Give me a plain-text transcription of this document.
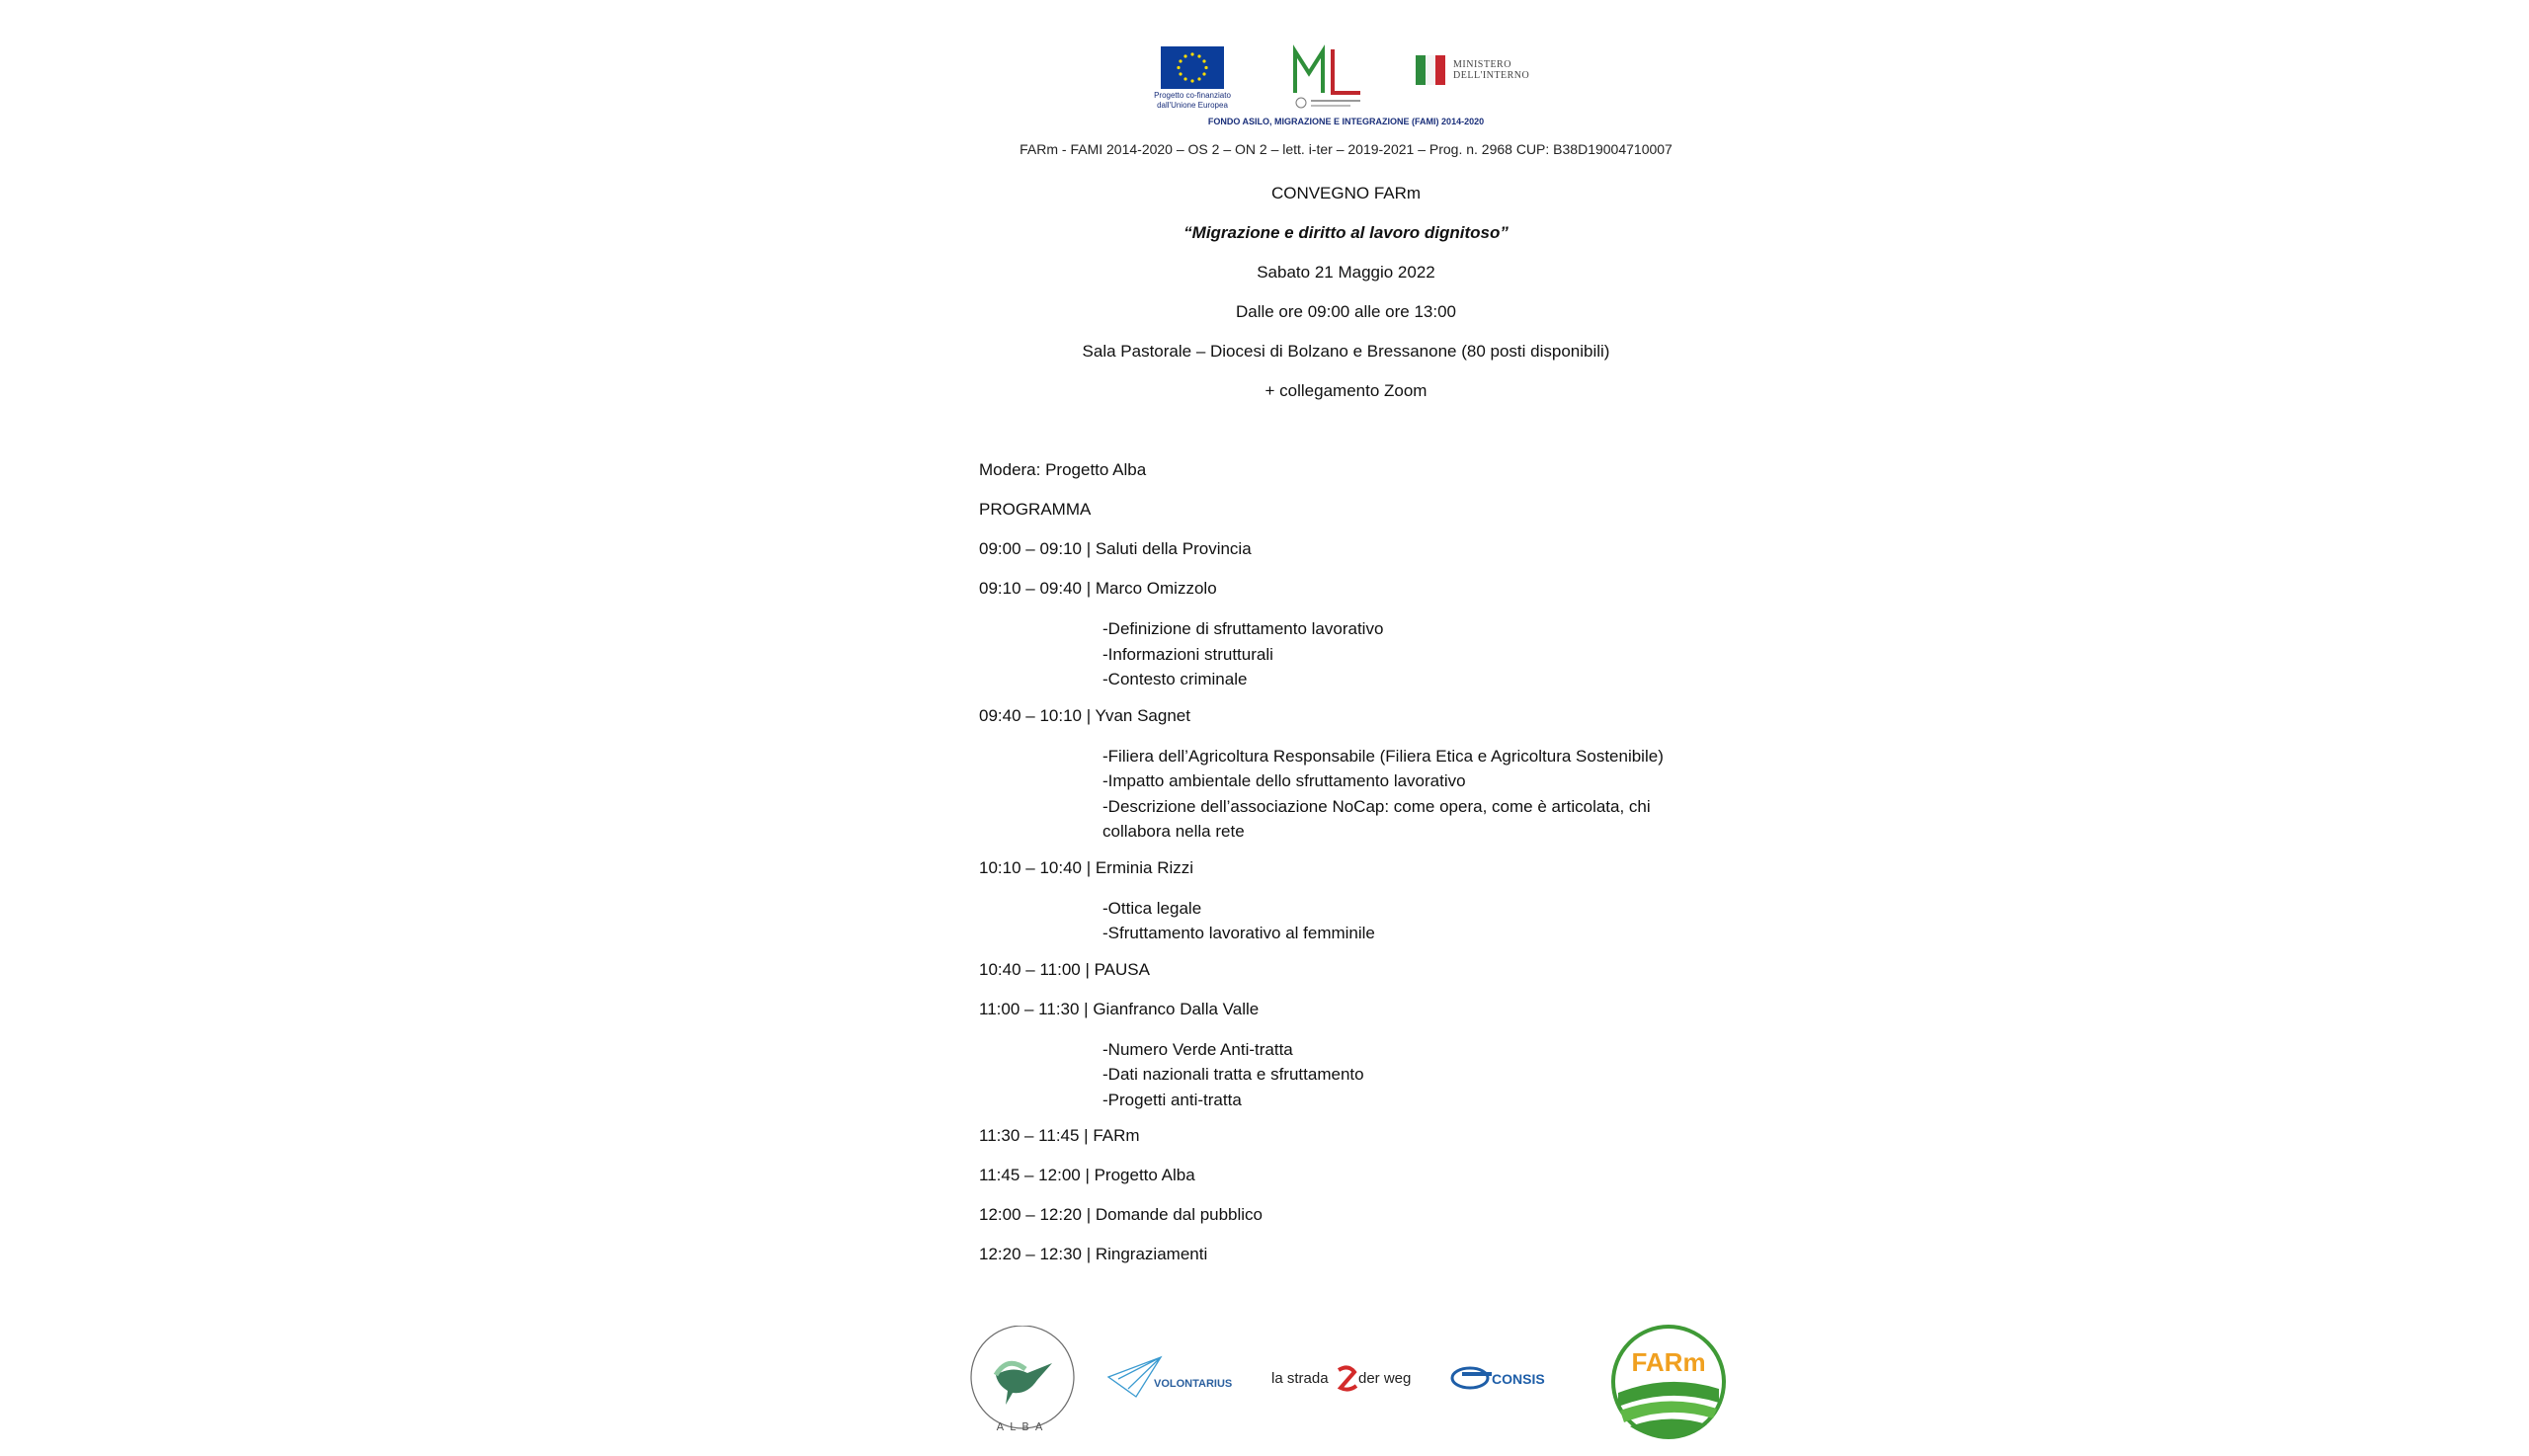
Progetto co-finanziato
dall'Unione Europea
MINISTERO
DELL'INTERNO
FONDO ASILO, MIGRAZIONE E INTEGRAZIONE (FAMI) 2014-2020
FARm - FAMI 2014-2020 – OS 2 – ON 2 – lett. i-ter – 2019-2021 – Prog. n. 2968 CUP: B38D19004710007
CONVEGNO FARm
“Migrazione e diritto al lavoro dignitoso”
Sabato 21 Maggio 2022
Dalle ore 09:00 alle ore 13:00
Sala Pastorale – Diocesi di Bolzano e Bressanone (80 posti disponibili)
+ collegamento Zoom
Modera: Progetto Alba
PROGRAMMA
09:00 – 09:10 | Saluti della Provincia
09:10 – 09:40 | Marco Omizzolo
-Definizione di sfruttamento lavorativo
-Informazioni strutturali
-Contesto criminale
09:40 – 10:10 | Yvan Sagnet
-Filiera dell’Agricoltura Responsabile (Filiera Etica e Agricoltura Sostenibile)
-Impatto ambientale dello sfruttamento lavorativo
-Descrizione dell’associazione NoCap: come opera, come è articolata, chi
collabora nella rete
10:10 – 10:40 | Erminia Rizzi
-Ottica legale
-Sfruttamento lavorativo al femminile
10:40 – 11:00 | PAUSA
11:00 – 11:30 | Gianfranco Dalla Valle
-Numero Verde Anti-tratta
-Dati nazionali tratta e sfruttamento
-Progetti anti-tratta
11:30 – 11:45 | FARm
11:45 – 12:00 | Progetto Alba
12:00 – 12:20 | Domande dal pubblico
12:20 – 12:30 | Ringraziamenti
ALBA
VOLONTARIUS	la strada der weg	CONSIS
FARm
